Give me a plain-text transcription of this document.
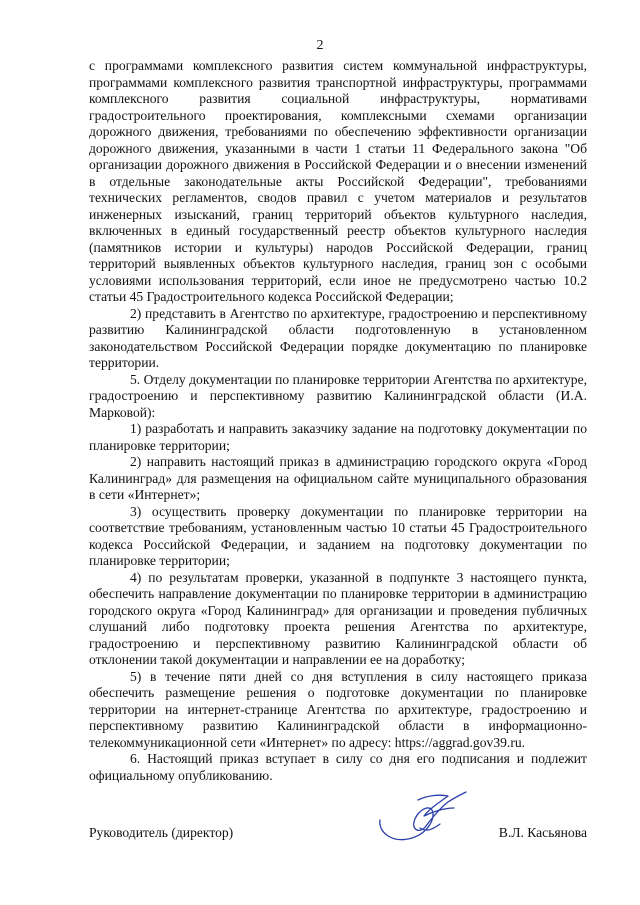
2

с программами комплексного развития систем коммунальной инфраструктуры, программами комплексного развития транспортной инфраструктуры, программами комплексного развития социальной инфраструктуры, нормативами градостроительного проектирования, комплексными схемами организации дорожного движения, требованиями по обеспечению эффективности организации дорожного движения, указанными в части 1 статьи 11 Федерального закона "Об организации дорожного движения в Российской Федерации и о внесении изменений в отдельные законодательные акты Российской Федерации", требованиями технических регламентов, сводов правил с учетом материалов и результатов инженерных изысканий, границ территорий объектов культурного наследия, включенных в единый государственный реестр объектов культурного наследия (памятников истории и культуры) народов Российской Федерации, границ территорий выявленных объектов культурного наследия, границ зон с особыми условиями использования территорий, если иное не предусмотрено частью 10.2 статьи 45 Градостроительного кодекса Российской Федерации;

2) представить в Агентство по архитектуре, градостроению и перспективному развитию Калининградской области подготовленную в установленном законодательством Российской Федерации порядке документацию по планировке территории.

5. Отделу документации по планировке территории Агентства по архитектуре, градостроению и перспективному развитию Калининградской области (И.А. Марковой):

1) разработать и направить заказчику задание на подготовку документации по планировке территории;

2) направить настоящий приказ в администрацию городского округа «Город Калининград» для размещения на официальном сайте муниципального образования в сети «Интернет»;

3) осуществить проверку документации по планировке территории на соответствие требованиям, установленным частью 10 статьи 45 Градостроительного кодекса Российской Федерации, и заданием на подготовку документации по планировке территории;

4) по результатам проверки, указанной в подпункте 3 настоящего пункта, обеспечить направление документации по планировке территории в администрацию городского округа «Город Калининград» для организации и проведения публичных слушаний либо подготовку проекта решения Агентства по архитектуре, градостроению и перспективному развитию Калининградской области об отклонении такой документации и направлении ее на доработку;

5) в течение пяти дней со дня вступления в силу настоящего приказа обеспечить размещение решения о подготовке документации по планировке территории на интернет-странице Агентства по архитектуре, градостроению и перспективному развитию Калининградской области в информационно-телекоммуникационной сети «Интернет» по адресу: https://aggrad.gov39.ru.

6. Настоящий приказ вступает в силу со дня его подписания и подлежит официальному опубликованию.

Руководитель (директор)	В.Л. Касьянова
